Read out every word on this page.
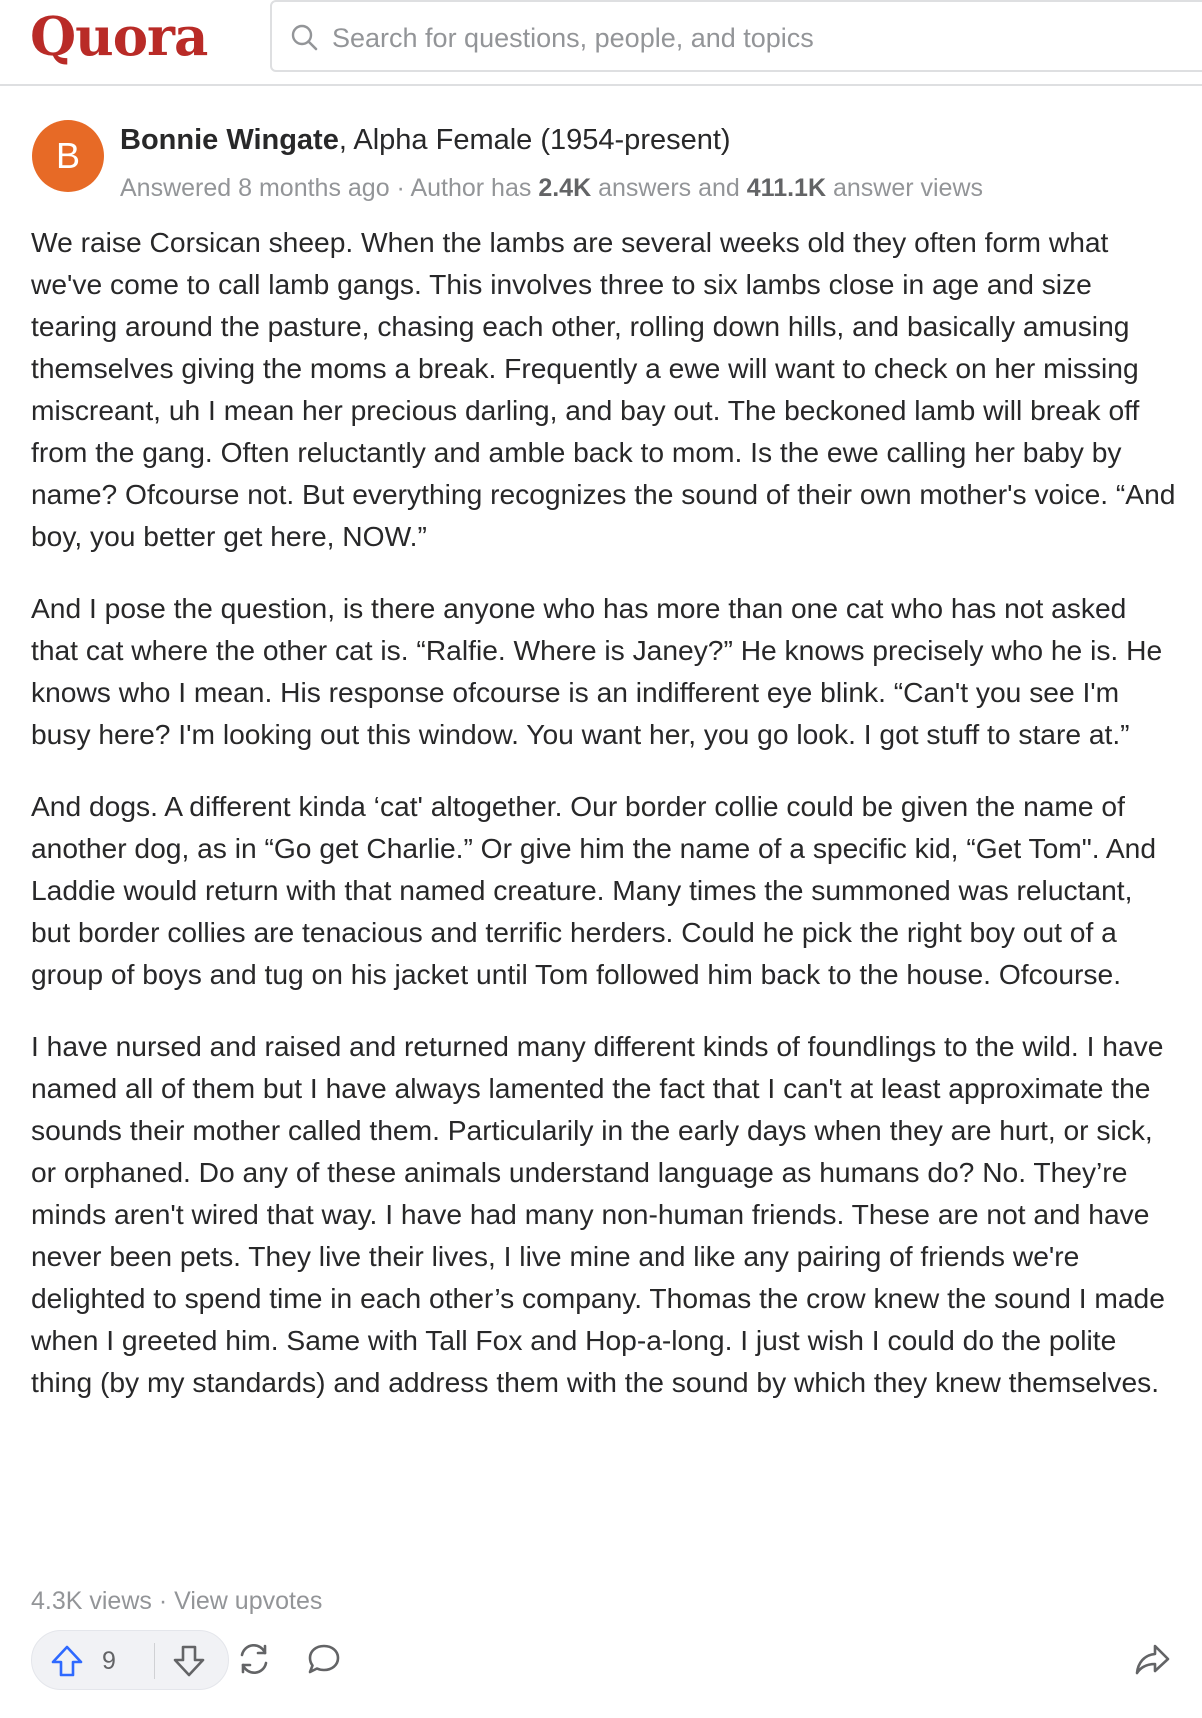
Quora
Search for questions, people, and topics
B	Bonnie Wingate, Alpha Female (1954-present)
Answered 8 months ago · Author has 2.4K answers and 411.1K answer views

We raise Corsican sheep. When the lambs are several weeks old they often form what we've come to call lamb gangs. This involves three to six lambs close in age and size tearing around the pasture, chasing each other, rolling down hills, and basically amusing themselves giving the moms a break. Frequently a ewe will want to check on her missing miscreant, uh I mean her precious darling, and bay out. The beckoned lamb will break off from the gang. Often reluctantly and amble back to mom. Is the ewe calling her baby by name? Ofcourse not. But everything recognizes the sound of their own mother's voice. “And boy, you better get here, NOW.”

And I pose the question, is there anyone who has more than one cat who has not asked that cat where the other cat is. “Ralfie. Where is Janey?” He knows precisely who he is. He knows who I mean. His response ofcourse is an indifferent eye blink. “Can't you see I'm busy here? I'm looking out this window. You want her, you go look. I got stuff to stare at.”

And dogs. A different kinda ‘cat' altogether. Our border collie could be given the name of another dog, as in “Go get Charlie.” Or give him the name of a specific kid, “Get Tom". And Laddie would return with that named creature. Many times the summoned was reluctant, but border collies are tenacious and terrific herders. Could he pick the right boy out of a group of boys and tug on his jacket until Tom followed him back to the house. Ofcourse.

I have nursed and raised and returned many different kinds of foundlings to the wild. I have named all of them but I have always lamented the fact that I can't at least approximate the sounds their mother called them. Particularily in the early days when they are hurt, or sick, or orphaned. Do any of these animals understand language as humans do? No. They’re minds aren't wired that way. I have had many non-human friends. These are not and have never been pets. They live their lives, I live mine and like any pairing of friends we're delighted to spend time in each other’s company. Thomas the crow knew the sound I made when I greeted him. Same with Tall Fox and Hop-a-long. I just wish I could do the polite thing (by my standards) and address them with the sound by which they knew themselves.

4.3K views · View upvotes
9
